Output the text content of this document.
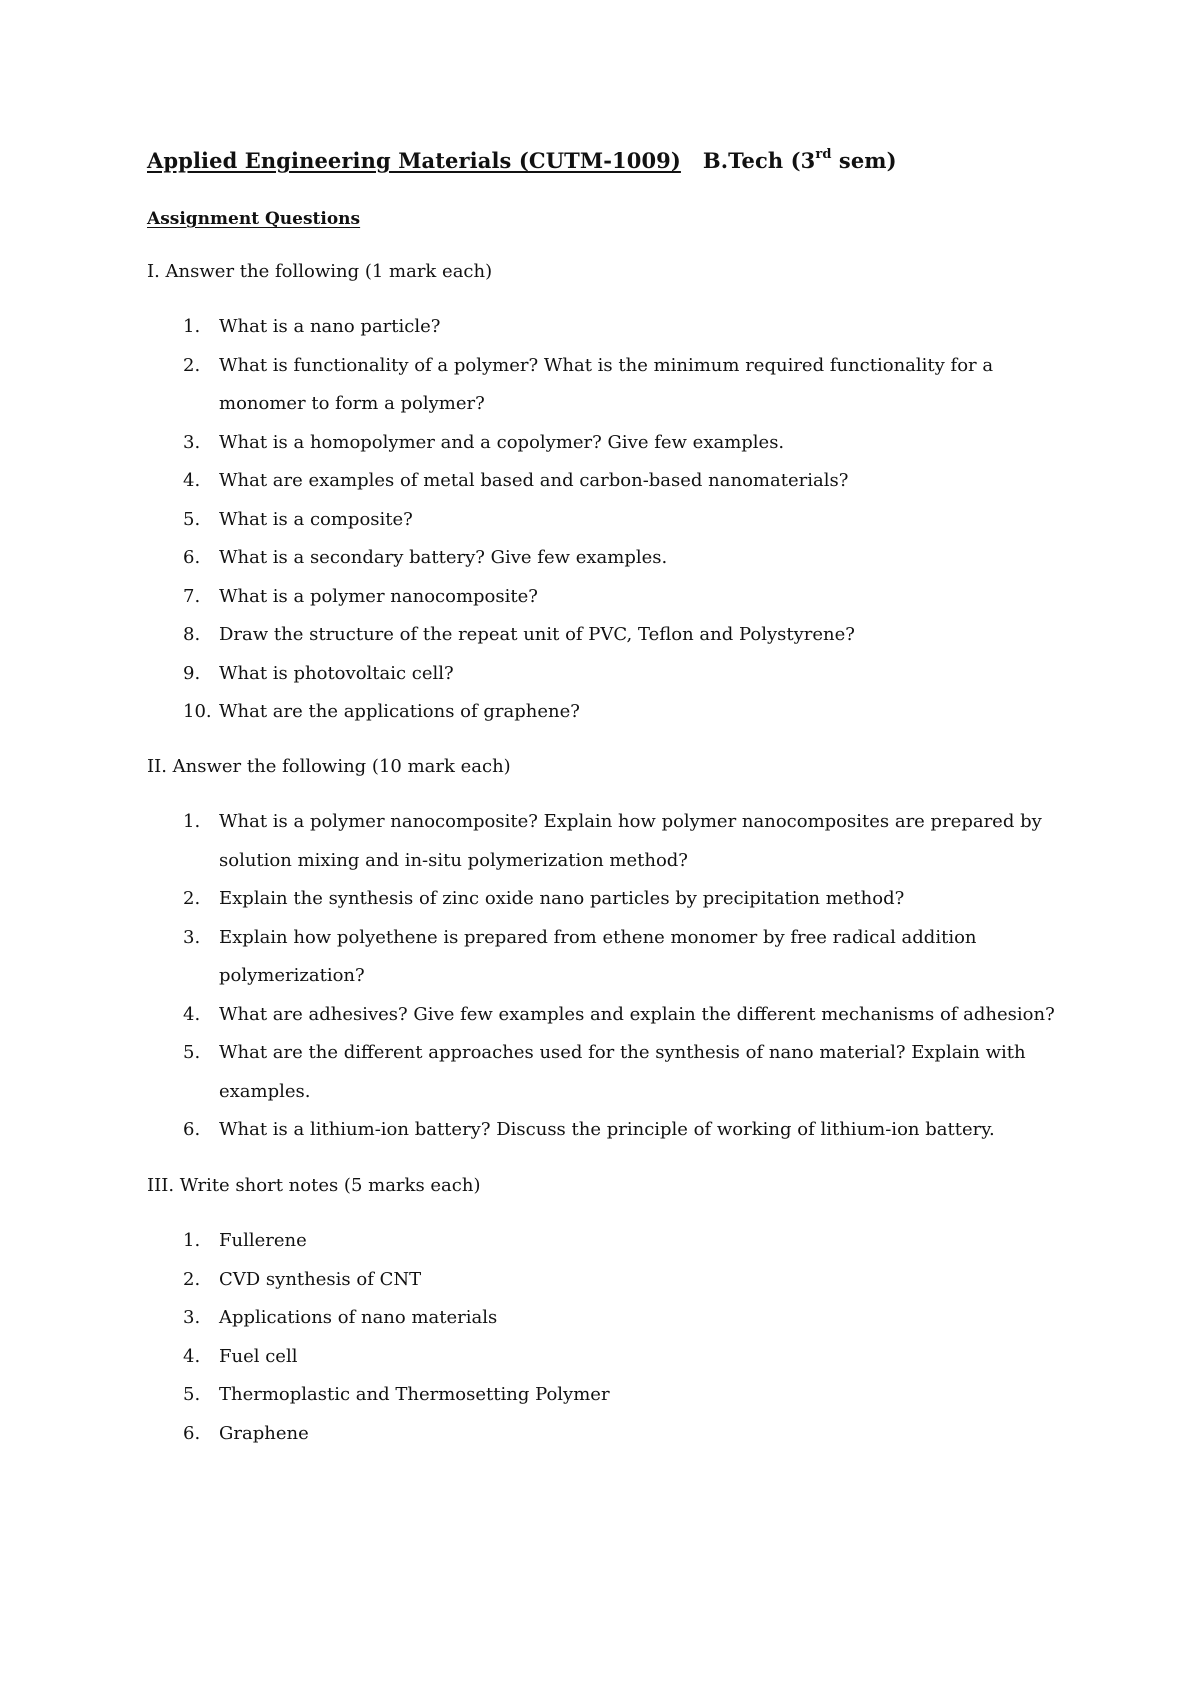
Applied Engineering Materials (CUTM-1009) B.Tech (3rd sem)
Assignment Questions
I. Answer the following (1 mark each)
1. What is a nano particle?
2. What is functionality of a polymer? What is the minimum required functionality for a monomer to form a polymer?
3. What is a homopolymer and a copolymer? Give few examples.
4. What are examples of metal based and carbon-based nanomaterials?
5. What is a composite?
6. What is a secondary battery? Give few examples.
7. What is a polymer nanocomposite?
8. Draw the structure of the repeat unit of PVC, Teflon and Polystyrene?
9. What is photovoltaic cell?
10. What are the applications of graphene?
II. Answer the following (10 mark each)
1. What is a polymer nanocomposite? Explain how polymer nanocomposites are prepared by solution mixing and in-situ polymerization method?
2. Explain the synthesis of zinc oxide nano particles by precipitation method?
3. Explain how polyethene is prepared from ethene monomer by free radical addition polymerization?
4. What are adhesives? Give few examples and explain the different mechanisms of adhesion?
5. What are the different approaches used for the synthesis of nano material? Explain with examples.
6. What is a lithium-ion battery? Discuss the principle of working of lithium-ion battery.
III. Write short notes (5 marks each)
1. Fullerene
2. CVD synthesis of CNT
3. Applications of nano materials
4. Fuel cell
5. Thermoplastic and Thermosetting Polymer
6. Graphene
